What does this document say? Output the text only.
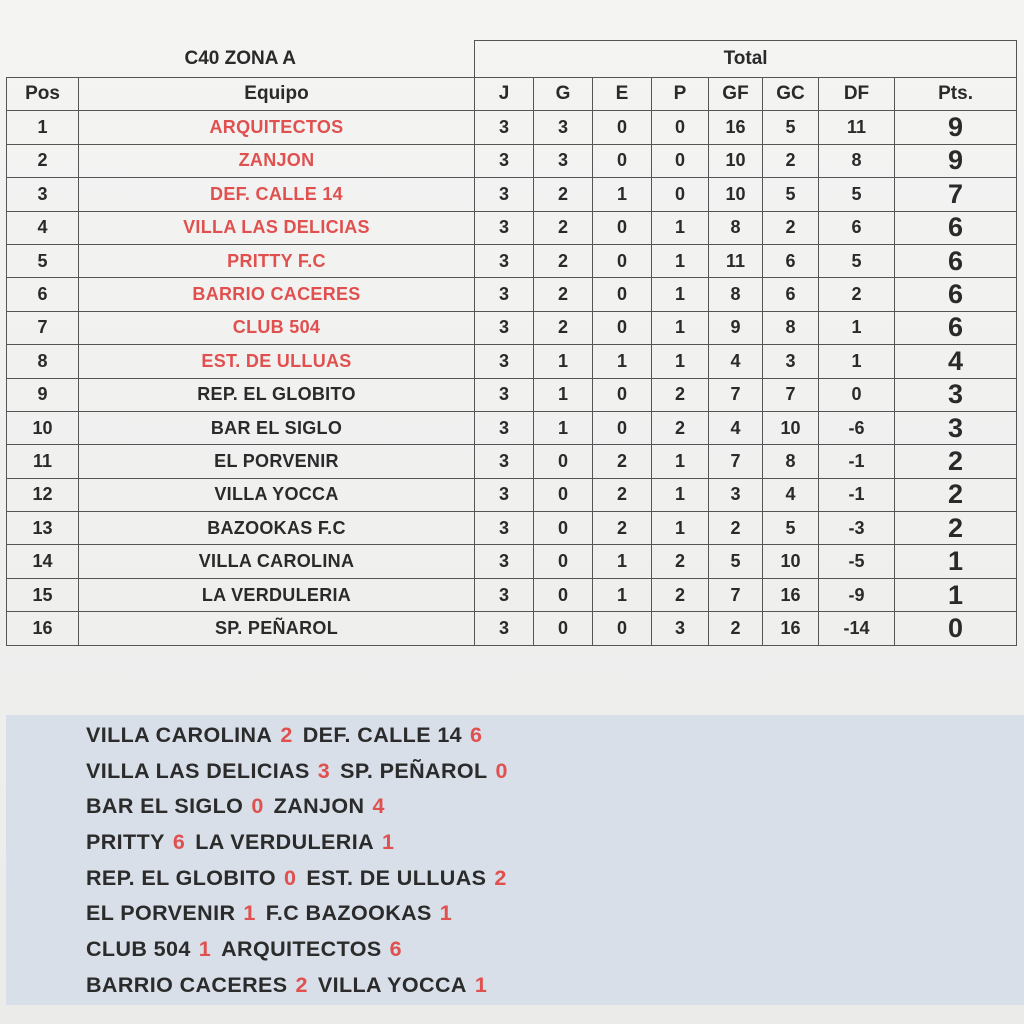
C40 ZONA A		Total							
Pos	Equipo	J	G	E	P	GF	GC	DF	Pts.
1	ARQUITECTOS	3	3	0	0	16	5	11	9
2	ZANJON	3	3	0	0	10	2	8	9
3	DEF. CALLE 14	3	2	1	0	10	5	5	7
4	VILLA LAS DELICIAS	3	2	0	1	8	2	6	6
5	PRITTY F.C	3	2	0	1	11	6	5	6
6	BARRIO CACERES	3	2	0	1	8	6	2	6
7	CLUB 504	3	2	0	1	9	8	1	6
8	EST. DE ULLUAS	3	1	1	1	4	3	1	4
9	REP. EL GLOBITO	3	1	0	2	7	7	0	3
10	BAR EL SIGLO	3	1	0	2	4	10	-6	3
11	EL PORVENIR	3	0	2	1	7	8	-1	2
12	VILLA YOCCA	3	0	2	1	3	4	-1	2
13	BAZOOKAS F.C	3	0	2	1	2	5	-3	2
14	VILLA CAROLINA	3	0	1	2	5	10	-5	1
15	LA VERDULERIA	3	0	1	2	7	16	-9	1
16	SP. PEÑAROL	3	0	0	3	2	16	-14	0
VILLA CAROLINA 2 DEF. CALLE 14 6
VILLA LAS DELICIAS 3 SP. PEÑAROL 0
BAR EL SIGLO 0 ZANJON 4
PRITTY 6 LA VERDULERIA 1
REP. EL GLOBITO 0 EST. DE ULLUAS 2
EL PORVENIR 1 F.C BAZOOKAS 1
CLUB 504 1 ARQUITECTOS 6
BARRIO CACERES 2 VILLA YOCCA 1
